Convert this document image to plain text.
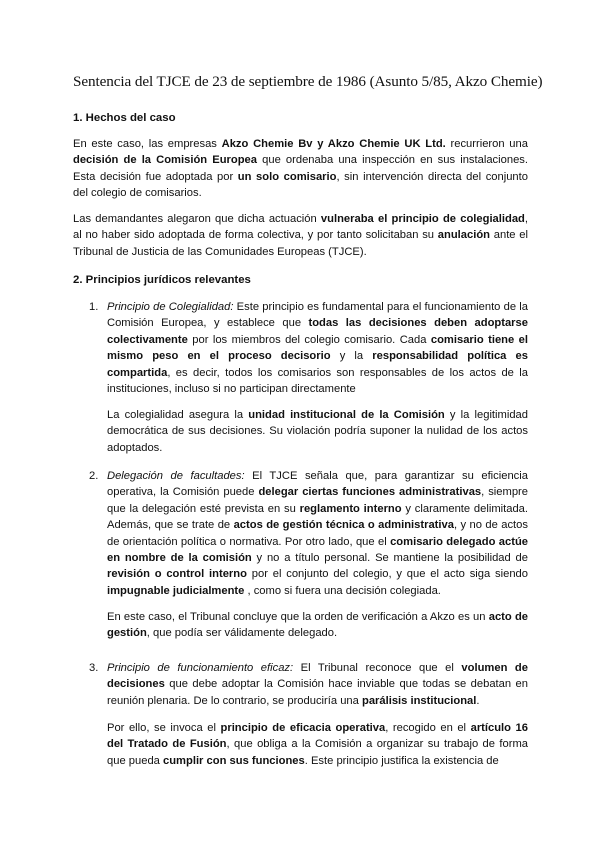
Sentencia del TJCE de 23 de septiembre de 1986 (Asunto 5/85, Akzo Chemie)
1. Hechos del caso

En este caso, las empresas Akzo Chemie Bv y Akzo Chemie UK Ltd. recurrieron una decisión de la Comisión Europea que ordenaba una inspección en sus instalaciones. Esta decisión fue adoptada por un solo comisario, sin intervención directa del conjunto del colegio de comisarios.

Las demandantes alegaron que dicha actuación vulneraba el principio de colegialidad, al no haber sido adoptada de forma colectiva, y por tanto solicitaban su anulación ante el Tribunal de Justicia de las Comunidades Europeas (TJCE).

2. Principios jurídicos relevantes
1. Principio de Colegialidad: Este principio es fundamental para el funcionamiento de la Comisión Europea, y establece que todas las decisiones deben adoptarse colectivamente por los miembros del colegio comisario. Cada comisario tiene el mismo peso en el proceso decisorio y la responsabilidad política es compartida, es decir, todos los comisarios son responsables de los actos de la instituciones, incluso si no participan directamente

La colegialidad asegura la unidad institucional de la Comisión y la legitimidad democrática de sus decisiones. Su violación podría suponer la nulidad de los actos adoptados.

2. Delegación de facultades: El TJCE señala que, para garantizar su eficiencia operativa, la Comisión puede delegar ciertas funciones administrativas, siempre que la delegación esté prevista en su reglamento interno y claramente delimitada. Además, que se trate de actos de gestión técnica o administrativa, y no de actos de orientación política o normativa. Por otro lado, que el comisario delegado actúe en nombre de la comisión y no a título personal. Se mantiene la posibilidad de revisión o control interno por el conjunto del colegio, y que el acto siga siendo impugnable judicialmente , como si fuera una decisión colegiada.

En este caso, el Tribunal concluye que la orden de verificación a Akzo es un acto de gestión, que podía ser válidamente delegado.

3. Principio de funcionamiento eficaz: El Tribunal reconoce que el volumen de decisiones que debe adoptar la Comisión hace inviable que todas se debatan en reunión plenaria. De lo contrario, se produciría una parálisis institucional.

Por ello, se invoca el principio de eficacia operativa, recogido en el artículo 16 del Tratado de Fusión, que obliga a la Comisión a organizar su trabajo de forma que pueda cumplir con sus funciones. Este principio justifica la existencia de
